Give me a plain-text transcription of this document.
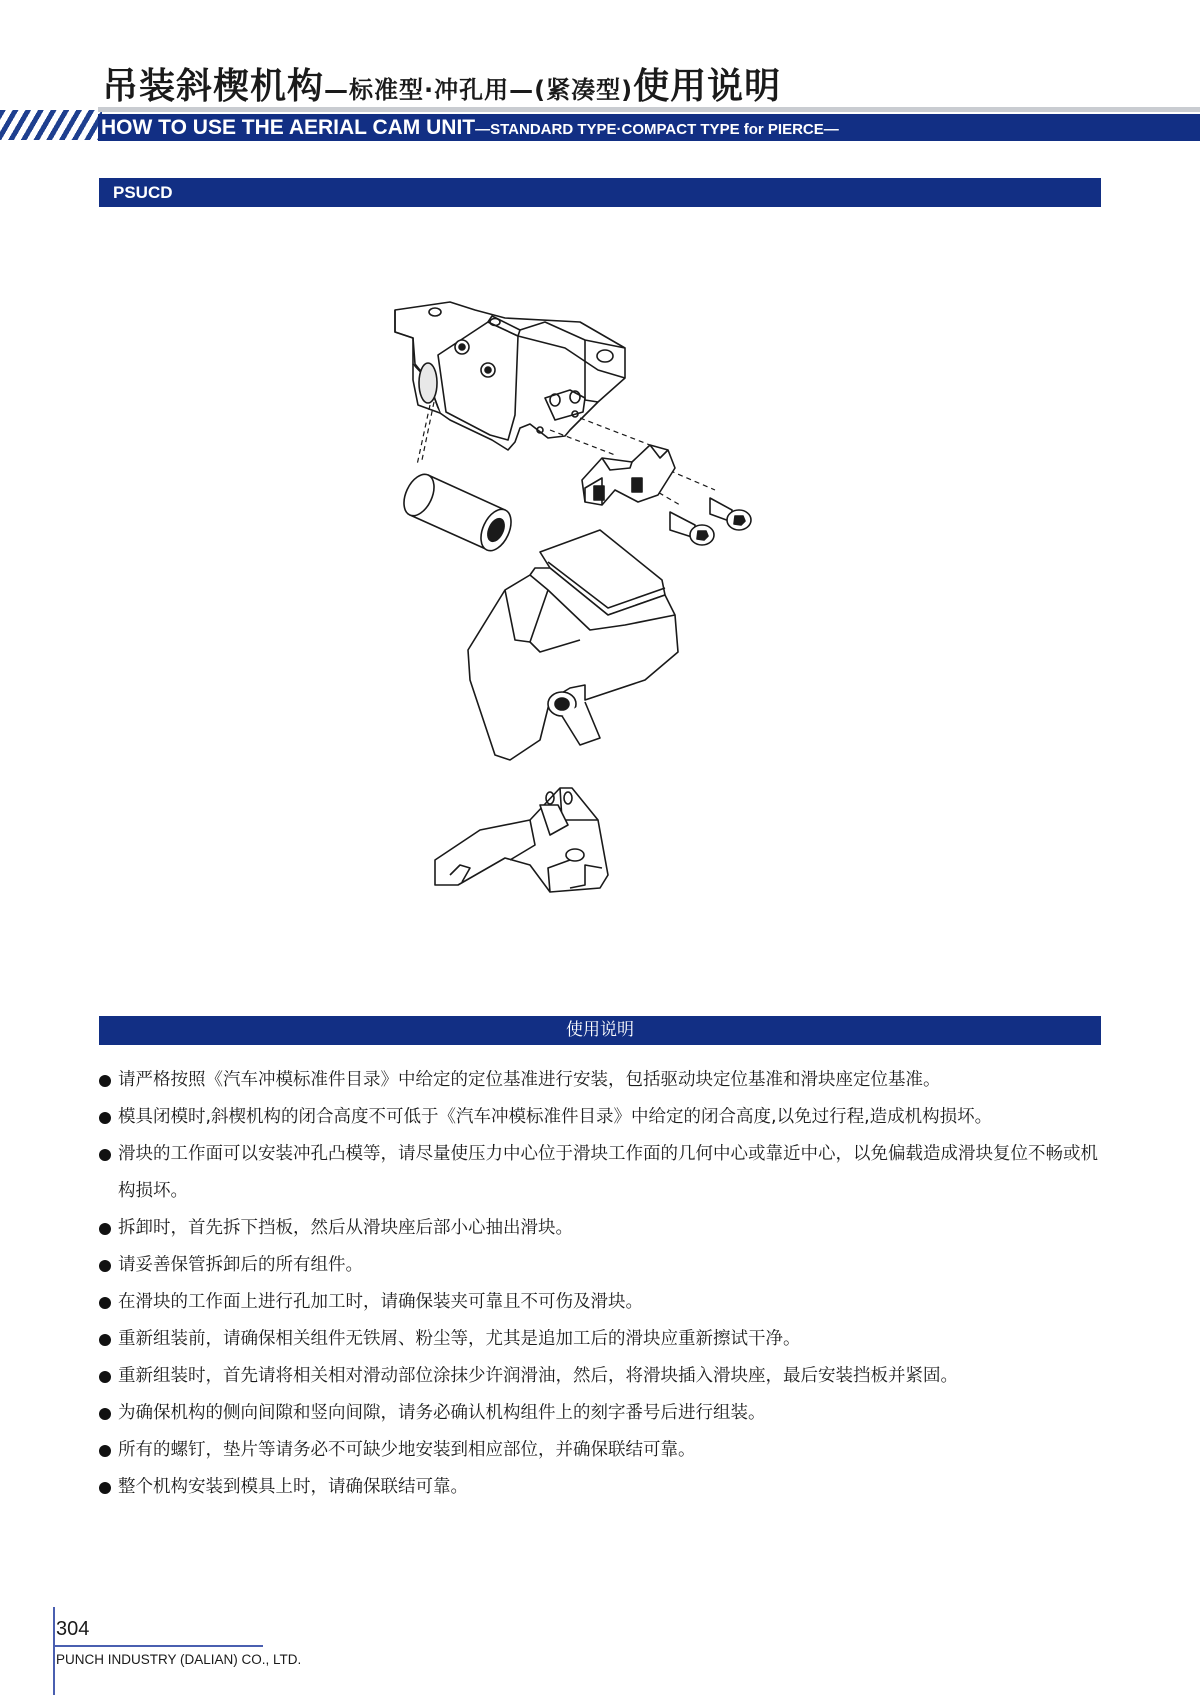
吊装斜楔机构—标准型·冲孔用—(紧凑型)使用说明
HOW TO USE THE AERIAL CAM UNIT—STANDARD TYPE·COMPACT TYPE for PIERCE—
PSUCD
使用说明
请严格按照《汽车冲模标准件目录》中给定的定位基准进行安装，包括驱动块定位基准和滑块座定位基准。
模具闭模时,斜楔机构的闭合高度不可低于《汽车冲模标准件目录》中给定的闭合高度,以免过行程,造成机构损坏。
滑块的工作面可以安装冲孔凸模等，请尽量使压力中心位于滑块工作面的几何中心或靠近中心，以免偏载造成滑块复位不畅或机构损坏。
拆卸时，首先拆下挡板，然后从滑块座后部小心抽出滑块。
请妥善保管拆卸后的所有组件。
在滑块的工作面上进行孔加工时，请确保装夹可靠且不可伤及滑块。
重新组装前，请确保相关组件无铁屑、粉尘等，尤其是追加工后的滑块应重新擦试干净。
重新组装时，首先请将相关相对滑动部位涂抹少许润滑油，然后，将滑块插入滑块座，最后安装挡板并紧固。
为确保机构的侧向间隙和竖向间隙，请务必确认机构组件上的刻字番号后进行组装。
所有的螺钉，垫片等请务必不可缺少地安装到相应部位，并确保联结可靠。
整个机构安装到模具上时，请确保联结可靠。
304
PUNCH INDUSTRY (DALIAN) CO., LTD.
